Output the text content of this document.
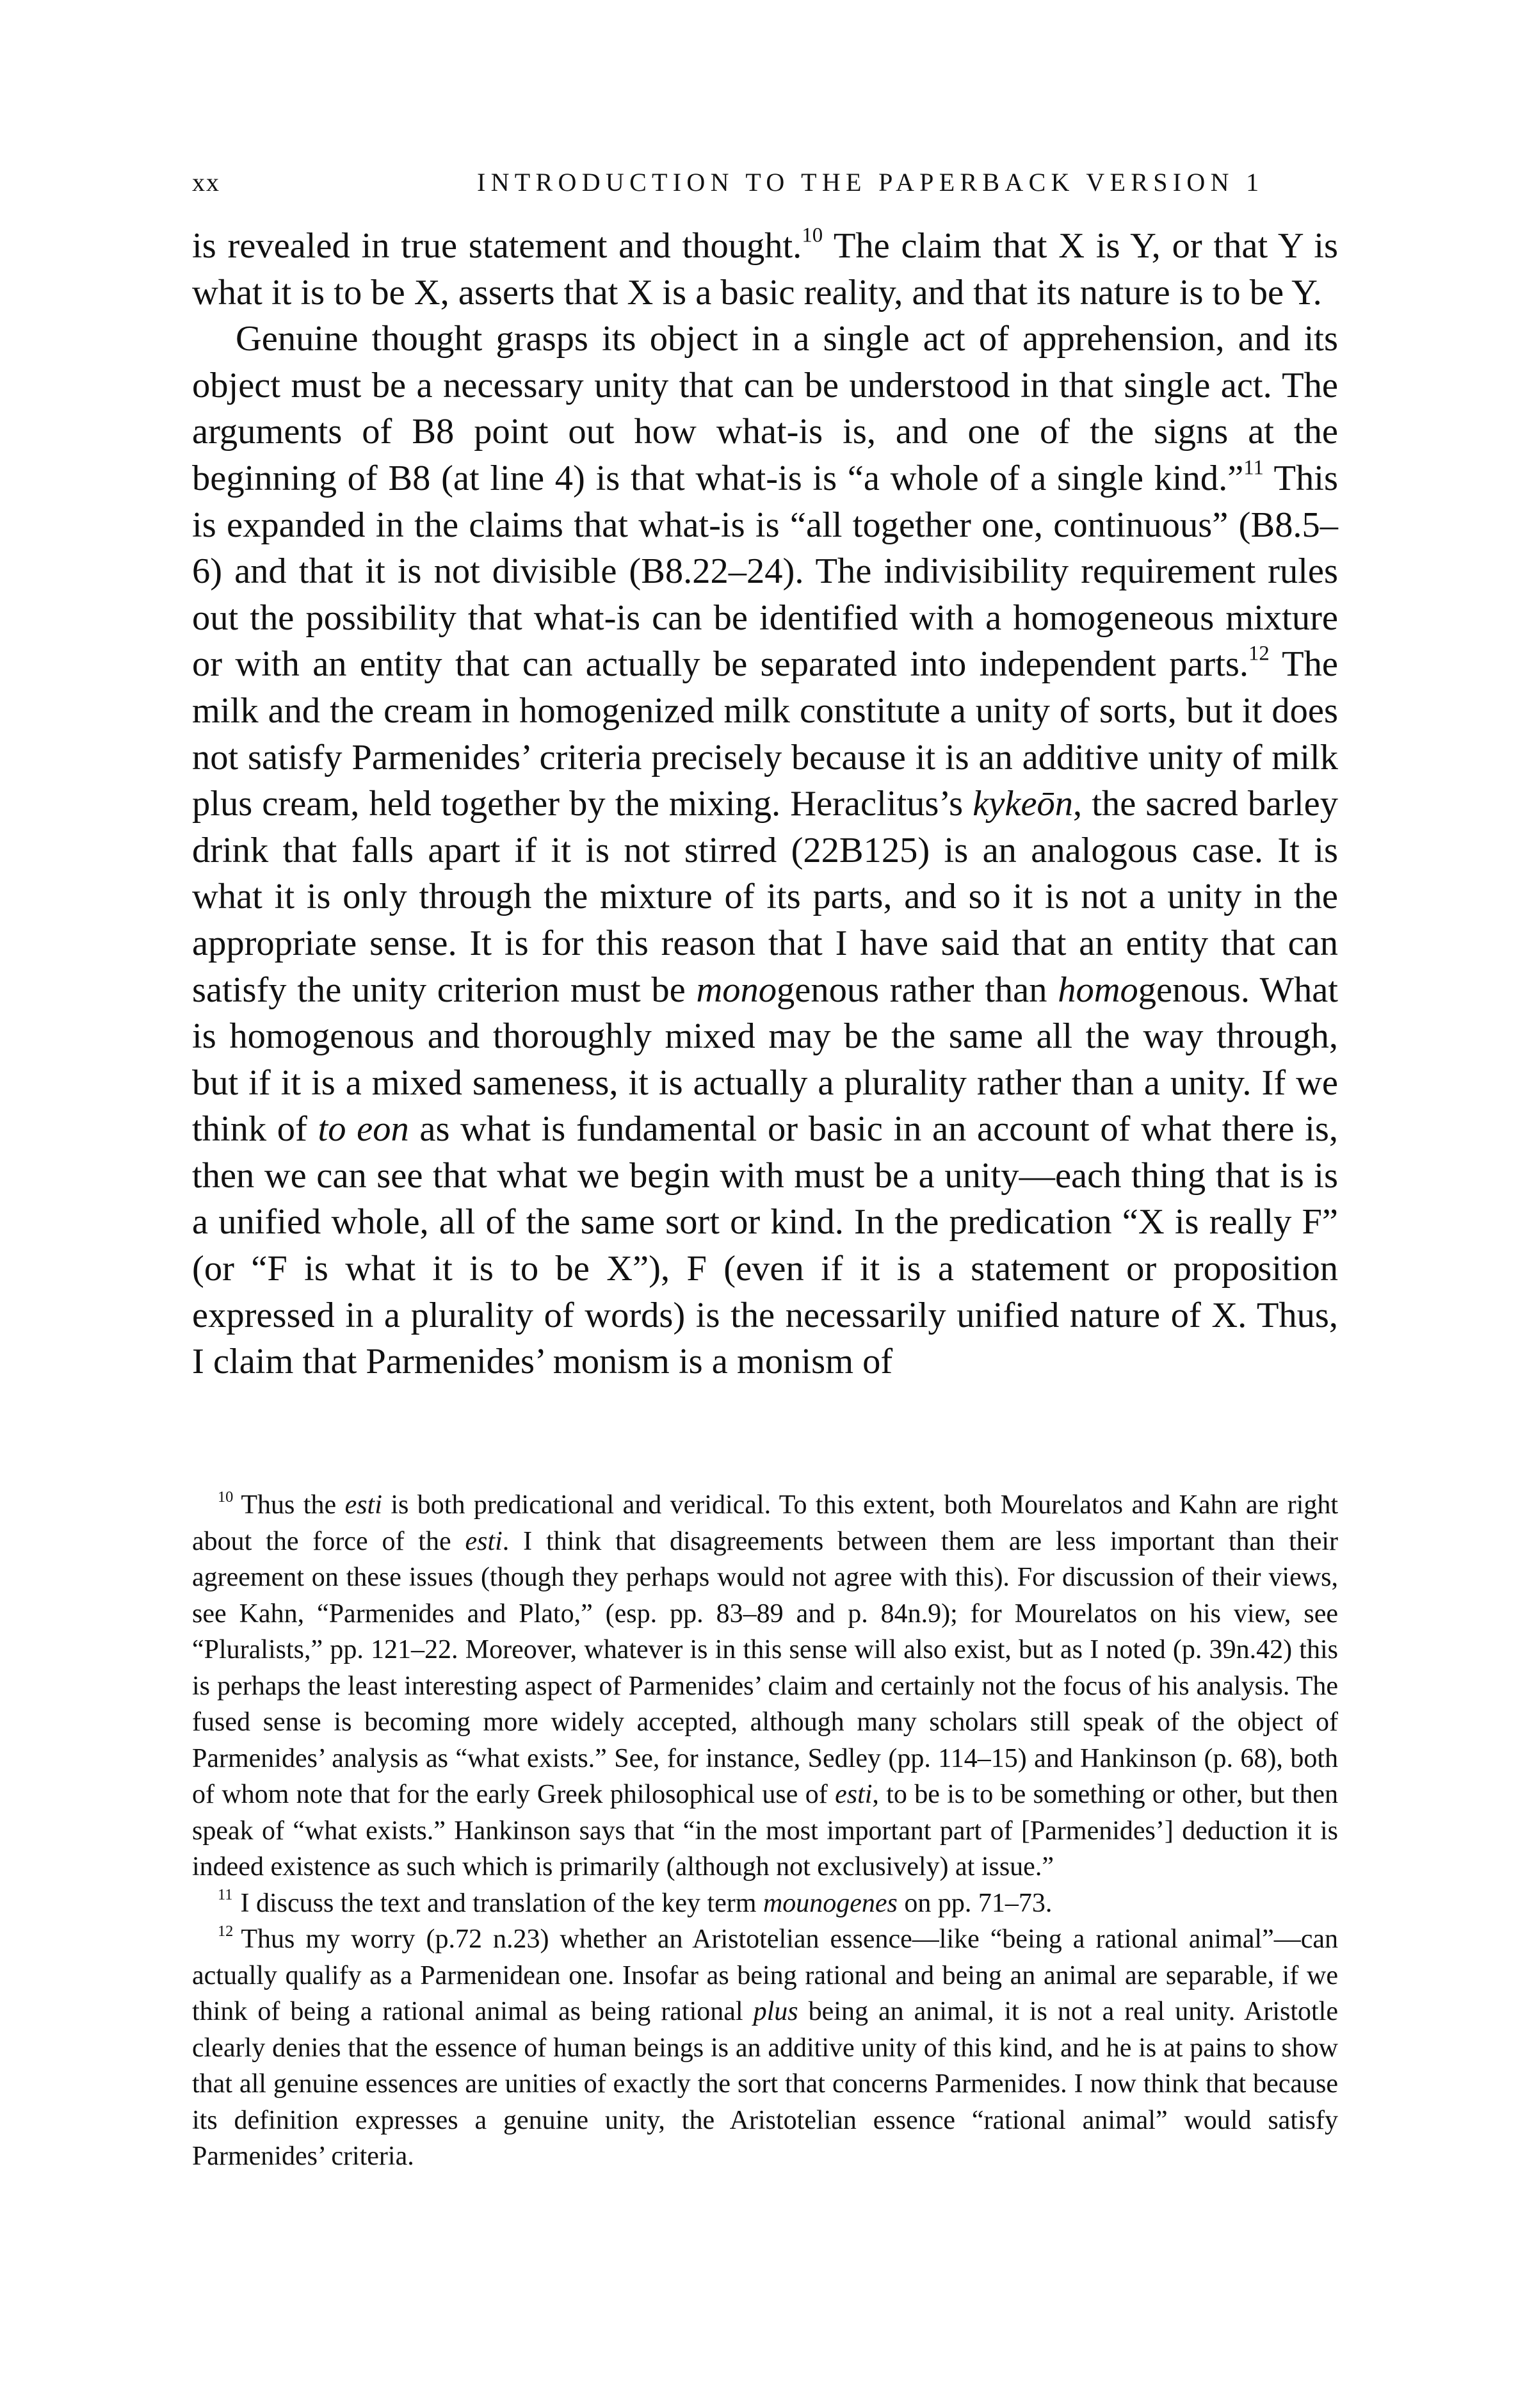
xx	INTRODUCTION TO THE PAPERBACK VERSION 1

is revealed in true statement and thought.$^{10}$ The claim that X is Y, or that Y is what it is to be X, asserts that X is a basic reality, and that its nature is to be Y.

Genuine thought grasps its object in a single act of apprehension, and its object must be a necessary unity that can be understood in that single act. The arguments of B8 point out how what-is is, and one of the signs at the beginning of B8 (at line 4) is that what-is is “a whole of a single kind.”$^{11}$ This is expanded in the claims that what-is is “all together one, continuous” (B8.5–6) and that it is not divisible (B8.22–24). The indivisibility requirement rules out the possibility that what-is can be identified with a homogeneous mixture or with an entity that can actually be separated into independent parts.$^{12}$ The milk and the cream in homogenized milk constitute a unity of sorts, but it does not satisfy Parmenides’ criteria precisely because it is an additive unity of milk plus cream, held together by the mixing. Heraclitus’s kykeōn, the sacred barley drink that falls apart if it is not stirred (22B125) is an analogous case. It is what it is only through the mixture of its parts, and so it is not a unity in the appropriate sense. It is for this reason that I have said that an entity that can satisfy the unity criterion must be monogenous rather than homogenous. What is homogenous and thoroughly mixed may be the same all the way through, but if it is a mixed sameness, it is actually a plurality rather than a unity. If we think of to eon as what is fundamental or basic in an account of what there is, then we can see that what we begin with must be a unity—each thing that is is a unified whole, all of the same sort or kind. In the predication “X is really F” (or “F is what it is to be X”), F (even if it is a statement or proposition expressed in a plurality of words) is the necessarily unified nature of X. Thus, I claim that Parmenides’ monism is a monism of

$^{10}$ Thus the esti is both predicational and veridical. To this extent, both Mourelatos and Kahn are right about the force of the esti. I think that disagreements between them are less important than their agreement on these issues (though they perhaps would not agree with this). For discussion of their views, see Kahn, “Parmenides and Plato,” (esp. pp. 83–89 and p. 84n.9); for Mourelatos on his view, see “Pluralists,” pp. 121–22. Moreover, whatever is in this sense will also exist, but as I noted (p. 39n.42) this is perhaps the least interesting aspect of Parmenides’ claim and certainly not the focus of his analysis. The fused sense is becoming more widely accepted, although many scholars still speak of the object of Parmenides’ analysis as “what exists.” See, for instance, Sedley (pp. 114–15) and Hankinson (p. 68), both of whom note that for the early Greek philosophical use of esti, to be is to be something or other, but then speak of “what exists.” Hankinson says that “in the most important part of [Parmenides’] deduction it is indeed existence as such which is primarily (although not exclusively) at issue.”

$^{11}$ I discuss the text and translation of the key term mounogenes on pp. 71–73.

$^{12}$ Thus my worry (p.72 n.23) whether an Aristotelian essence—like “being a rational animal”—can actually qualify as a Parmenidean one. Insofar as being rational and being an animal are separable, if we think of being a rational animal as being rational plus being an animal, it is not a real unity. Aristotle clearly denies that the essence of human beings is an additive unity of this kind, and he is at pains to show that all genuine essences are unities of exactly the sort that concerns Parmenides. I now think that because its definition expresses a genuine unity, the Aristotelian essence “rational animal” would satisfy Parmenides’ criteria.
